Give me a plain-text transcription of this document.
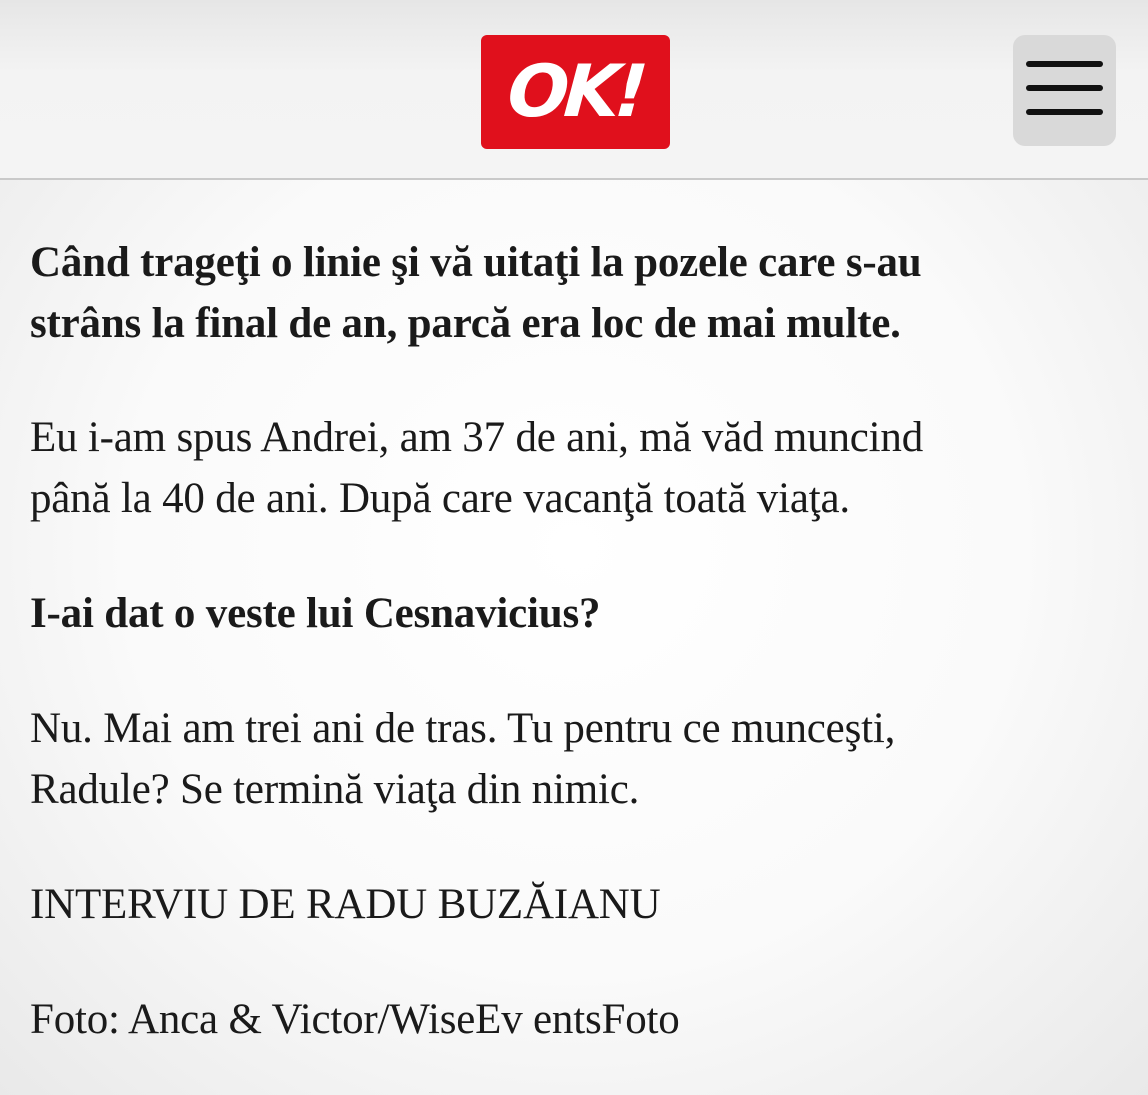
OK!

Când trageţi o linie şi vă uitaţi la pozele care s-au
strâns la final de an, parcă era loc de mai multe.

Eu i-am spus Andrei, am 37 de ani, mă văd muncind
până la 40 de ani. După care vacanţă toată viaţa.

I-ai dat o veste lui Cesnavicius?

Nu. Mai am trei ani de tras. Tu pentru ce munceşti,
Radule? Se termină viaţa din nimic.

INTERVIU DE RADU BUZĂIANU

Foto: Anca & Victor/WiseEv entsFoto
